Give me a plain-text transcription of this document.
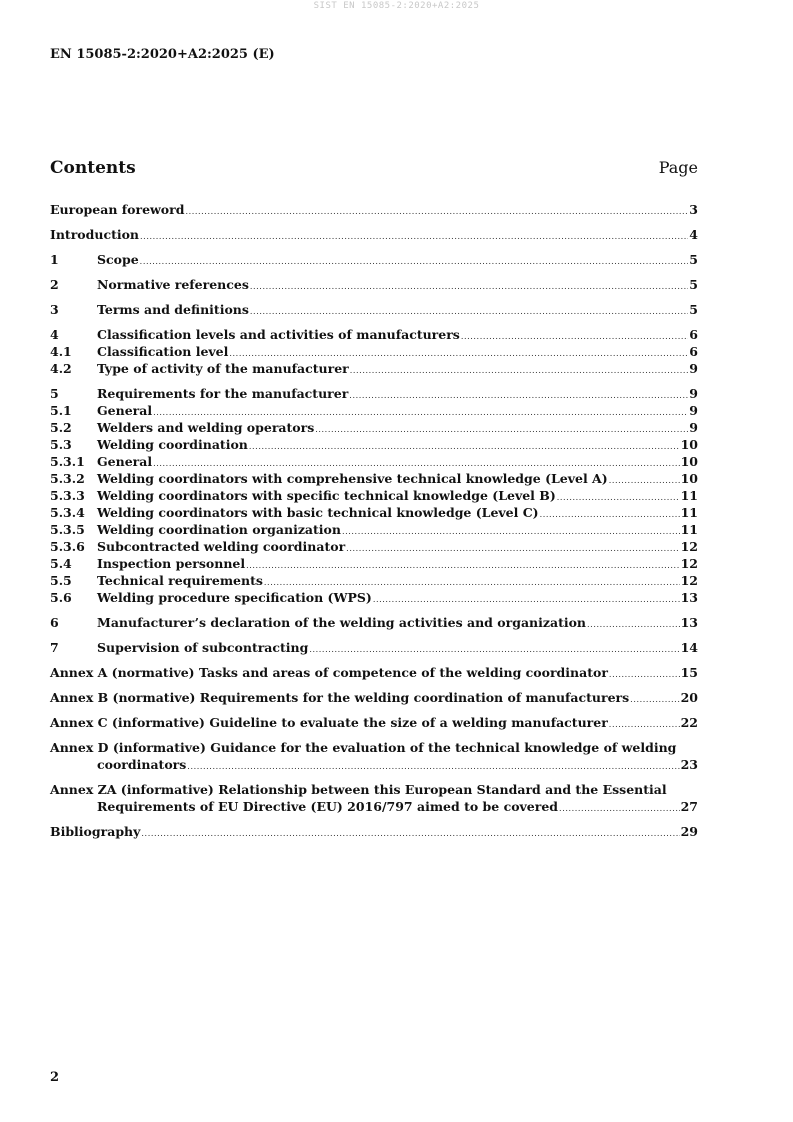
SIST EN 15085-2:2020+A2:2025
EN 15085-2:2020+A2:2025 (E)
Contents	Page
European foreword .....	3
Introduction .....	4
1	Scope .....	5
2	Normative references .....	5
3	Terms and definitions .....	5
4	Classification levels and activities of manufacturers .....	6
4.1	Classification level .....	6
4.2	Type of activity of the manufacturer .....	9
5	Requirements for the manufacturer .....	9
5.1	General .....	9
5.2	Welders and welding operators .....	9
5.3	Welding coordination .....	10
5.3.1 General .....	10
5.3.2 Welding coordinators with comprehensive technical knowledge (Level A) .....	10
5.3.3 Welding coordinators with specific technical knowledge (Level B) .....	11
5.3.4 Welding coordinators with basic technical knowledge (Level C) .....	11
5.3.5 Welding coordination organization .....	11
5.3.6 Subcontracted welding coordinator .....	12
5.4	Inspection personnel .....	12
5.5	Technical requirements .....	12
5.6	Welding procedure specification (WPS) .....	13
6	Manufacturer’s declaration of the welding activities and organization .....	13
7	Supervision of subcontracting .....	14
Annex A (normative) Tasks and areas of competence of the welding coordinator .....	15
Annex B (normative) Requirements for the welding coordination of manufacturers .....	20
Annex C (informative) Guideline to evaluate the size of a welding manufacturer .....	22
Annex D (informative) Guidance for the evaluation of the technical knowledge of welding
coordinators .....	23
Annex ZA (informative) Relationship between this European Standard and the Essential
Requirements of EU Directive (EU) 2016/797 aimed to be covered .....	27
Bibliography .....	29
2
